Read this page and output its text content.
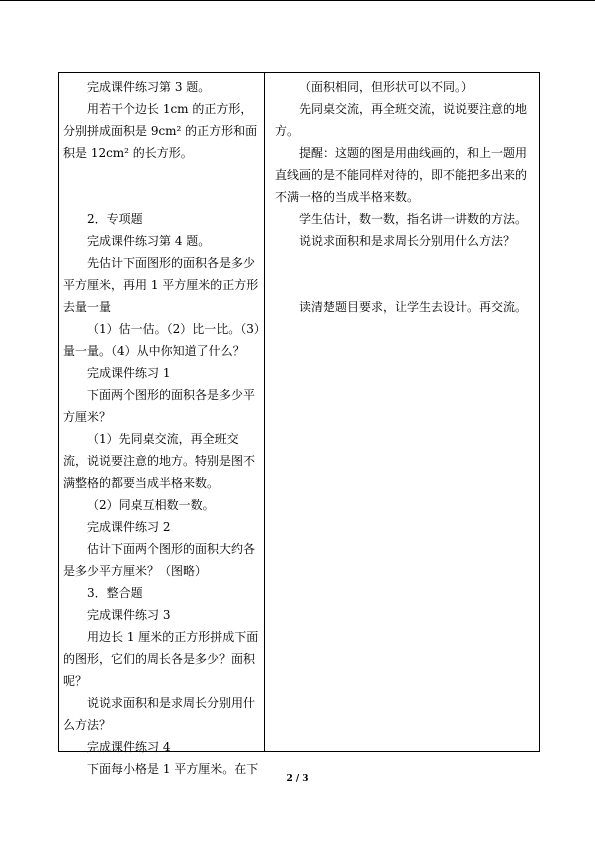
完成课件练习第 3 题。

用若干个边长 1cm 的正方形，分别拼成面积是 9cm² 的正方形和面积是 12cm² 的长方形。

2．专项题

完成课件练习第 4 题。

先估计下面图形的面积各是多少平方厘米，再用 1 平方厘米的正方形去量一量

（1）估一估。（2）比一比。（3）量一量。（4）从中你知道了什么？

完成课件练习 1

下面两个图形的面积各是多少平方厘米？

（1）先同桌交流，再全班交流，说说要注意的地方。特别是图不满整格的都要当成半格来数。

（2）同桌互相数一数。

完成课件练习 2

估计下面两个图形的面积大约各是多少平方厘米？（图略）

3．整合题

完成课件练习 3

用边长 1 厘米的正方形拼成下面的图形，它们的周长各是多少？面积呢？

说说求面积和是求周长分别用什么方法？

完成课件练习 4

下面每小格是 1 平方厘米。在下

（面积相同，但形状可以不同。）

先同桌交流，再全班交流，说说要注意的地方。

提醒：这题的图是用曲线画的，和上一题用直线画的是不能同样对待的，即不能把多出来的不满一格的当成半格来数。

学生估计，数一数，指名讲一讲数的方法。

说说求面积和是求周长分别用什么方法？

读清楚题目要求，让学生去设计。再交流。

2 / 3
